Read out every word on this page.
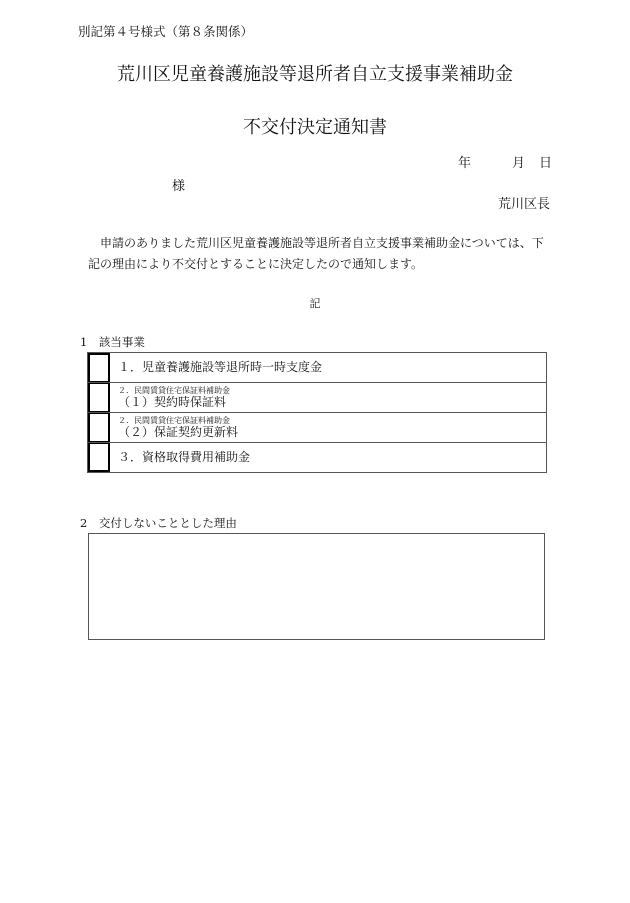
別記第４号様式（第８条関係）
荒川区児童養護施設等退所者自立支援事業補助金
不交付決定通知書
年	月 日
様
荒川区長
申請のありました荒川区児童養護施設等退所者自立支援事業補助金については、下記の理由により不交付とすることに決定したので通知します。
記
1　該当事業
１．児童養護施設等退所時一時支度金
２．民間賃貸住宅保証料補助金
（１）契約時保証料
２．民間賃貸住宅保証料補助金
（２）保証契約更新料
３．資格取得費用補助金
2　交付しないこととした理由
